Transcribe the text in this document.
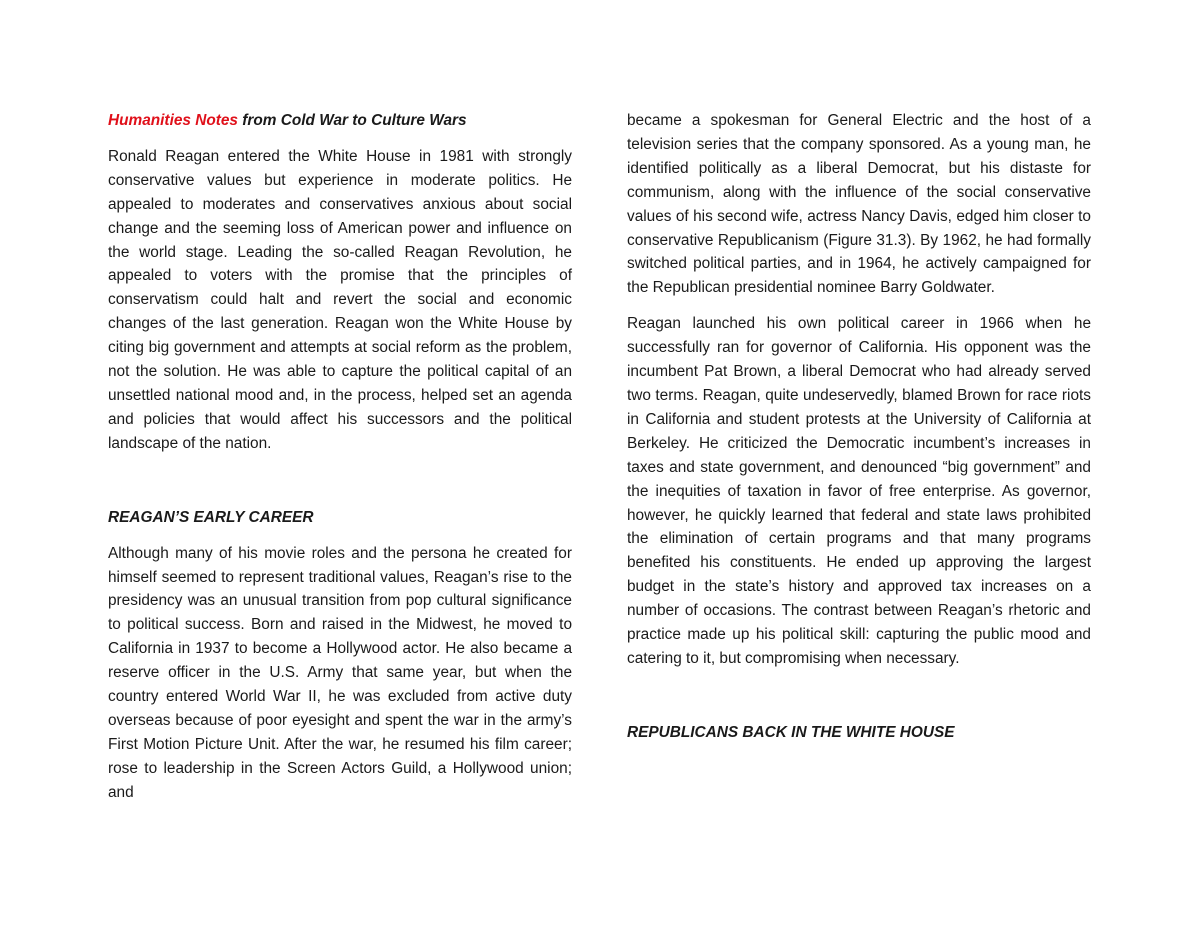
Humanities Notes from Cold War to Culture Wars

Ronald Reagan entered the White House in 1981 with strongly conservative values but experience in moderate politics. He appealed to moderates and conservatives anxious about social change and the seeming loss of American power and influence on the world stage. Leading the so-called Reagan Revolution, he appealed to voters with the promise that the principles of conservatism could halt and revert the social and economic changes of the last generation. Reagan won the White House by citing big government and attempts at social reform as the problem, not the solution. He was able to capture the political capital of an unsettled national mood and, in the process, helped set an agenda and policies that would affect his successors and the political landscape of the nation.

REAGAN’S EARLY CAREER

Although many of his movie roles and the persona he created for himself seemed to represent traditional values, Reagan’s rise to the presidency was an unusual transition from pop cultural significance to political success. Born and raised in the Midwest, he moved to California in 1937 to become a Hollywood actor. He also became a reserve officer in the U.S. Army that same year, but when the country entered World War II, he was excluded from active duty overseas because of poor eyesight and spent the war in the army’s First Motion Picture Unit. After the war, he resumed his film career; rose to leadership in the Screen Actors Guild, a Hollywood union; and

became a spokesman for General Electric and the host of a television series that the company sponsored. As a young man, he identified politically as a liberal Democrat, but his distaste for communism, along with the influence of the social conservative values of his second wife, actress Nancy Davis, edged him closer to conservative Republicanism (Figure 31.3). By 1962, he had formally switched political parties, and in 1964, he actively campaigned for the Republican presidential nominee Barry Goldwater.

Reagan launched his own political career in 1966 when he successfully ran for governor of California. His opponent was the incumbent Pat Brown, a liberal Democrat who had already served two terms. Reagan, quite undeservedly, blamed Brown for race riots in California and student protests at the University of California at Berkeley. He criticized the Democratic incumbent’s increases in taxes and state government, and denounced “big government” and the inequities of taxation in favor of free enterprise. As governor, however, he quickly learned that federal and state laws prohibited the elimination of certain programs and that many programs benefited his constituents. He ended up approving the largest budget in the state’s history and approved tax increases on a number of occasions. The contrast between Reagan’s rhetoric and practice made up his political skill: capturing the public mood and catering to it, but compromising when necessary.

REPUBLICANS BACK IN THE WHITE HOUSE
